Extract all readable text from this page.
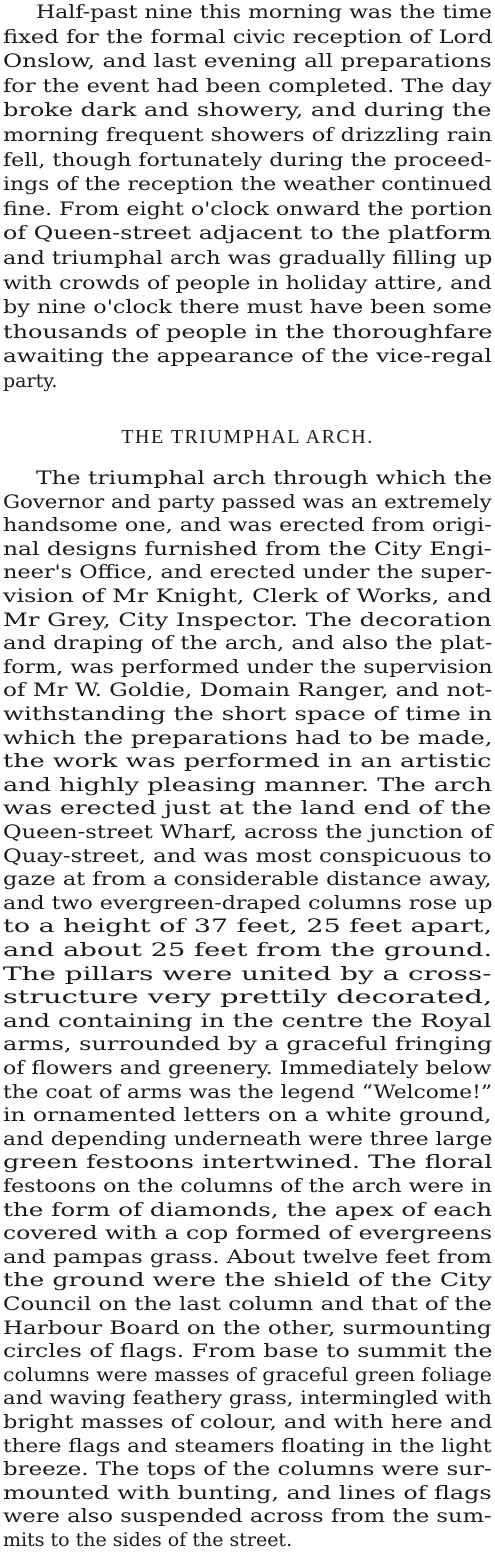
Half-past nine this morning was the time
fixed for the formal civic reception of Lord
Onslow, and last evening all preparations
for the event had been completed. The day
broke dark and showery, and during the
morning frequent showers of drizzling rain
fell, though fortunately during the proceed-
ings of the reception the weather continued
fine. From eight o'clock onward the portion
of Queen-street adjacent to the platform
and triumphal arch was gradually filling up
with crowds of people in holiday attire, and
by nine o'clock there must have been some
thousands of people in the thoroughfare
awaiting the appearance of the vice-regal
party.
THE TRIUMPHAL ARCH.
The triumphal arch through which the
Governor and party passed was an extremely
handsome one, and was erected from origi-
nal designs furnished from the City Engi-
neer's Office, and erected under the super-
vision of Mr Knight, Clerk of Works, and
Mr Grey, City Inspector. The decoration
and draping of the arch, and also the plat-
form, was performed under the supervision
of Mr W. Goldie, Domain Ranger, and not-
withstanding the short space of time in
which the preparations had to be made,
the work was performed in an artistic
and highly pleasing manner. The arch
was erected just at the land end of the
Queen-street Wharf, across the junction of
Quay-street, and was most conspicuous to
gaze at from a considerable distance away,
and two evergreen-draped columns rose up
to a height of 37 feet, 25 feet apart,
and about 25 feet from the ground.
The pillars were united by a cross-
structure very prettily decorated,
and containing in the centre the Royal
arms, surrounded by a graceful fringing
of flowers and greenery. Immediately below
the coat of arms was the legend “Welcome!”
in ornamented letters on a white ground,
and depending underneath were three large
green festoons intertwined. The floral
festoons on the columns of the arch were in
the form of diamonds, the apex of each
covered with a cop formed of evergreens
and pampas grass. About twelve feet from
the ground were the shield of the City
Council on the last column and that of the
Harbour Board on the other, surmounting
circles of flags. From base to summit the
columns were masses of graceful green foliage
and waving feathery grass, intermingled with
bright masses of colour, and with here and
there flags and steamers floating in the light
breeze. The tops of the columns were sur-
mounted with bunting, and lines of flags
were also suspended across from the sum-
mits to the sides of the street.
